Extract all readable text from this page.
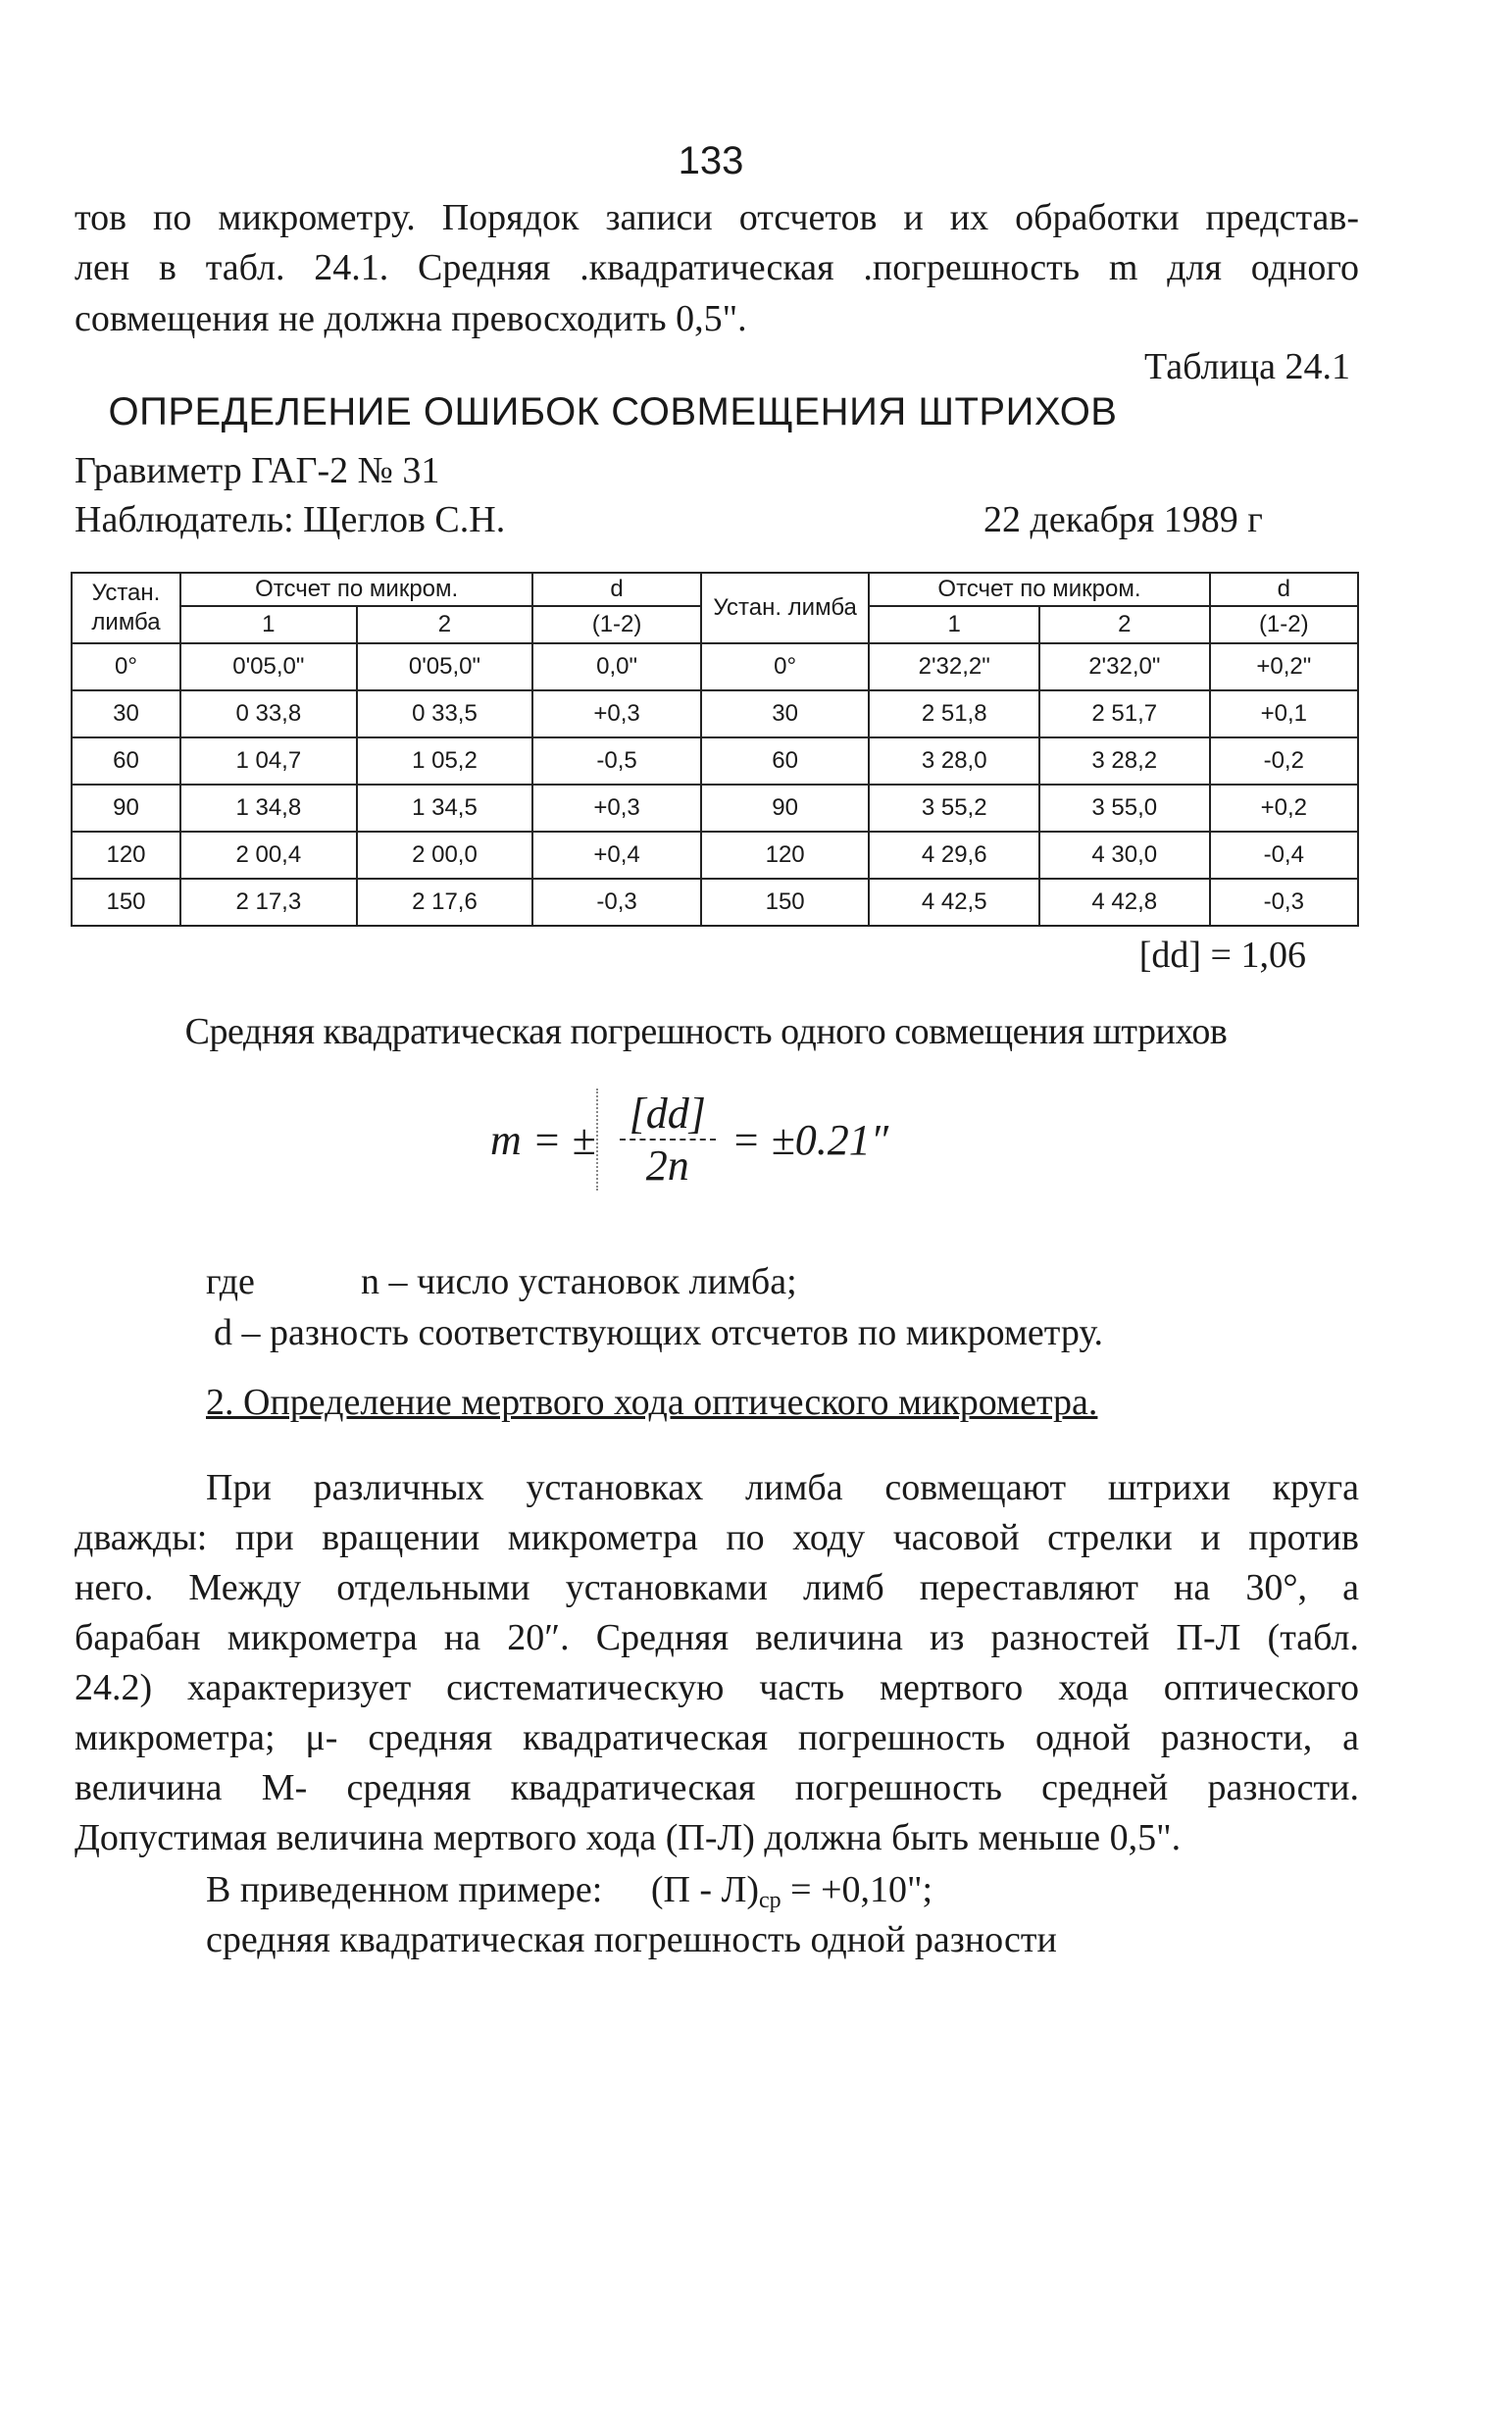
133
тов по микрометру. Порядок записи отсчетов и их обработки представ-
лен в табл. 24.1. Средняя .квадратическая .погрешность m для одного
совмещения не должна превосходить 0,5".
Таблица 24.1
ОПРЕДЕЛЕНИЕ ОШИБОК СОВМЕЩЕНИЯ ШТРИХОВ
Гравиметр ГАГ-2 № 31
Наблюдатель: Щеглов С.Н.	22 декабря 1989 г
Устан. лимба	Отсчет по микром.		d	Устан. лимба	Отсчет по микром.		d
	1	2	(1-2)		1	2	(1-2)
0°	0'05,0"	0'05,0"	0,0"	0°	2'32,2"	2'32,0"	+0,2"
30	0 33,8	0 33,5	+0,3	30	2 51,8	2 51,7	+0,1
60	1 04,7	1 05,2	-0,5	60	3 28,0	3 28,2	-0,2
90	1 34,8	1 34,5	+0,3	90	3 55,2	3 55,0	+0,2
120	2 00,4	2 00,0	+0,4	120	4 29,6	4 30,0	-0,4
150	2 17,3	2 17,6	-0,3	150	4 42,5	4 42,8	-0,3
[dd] = 1,06
Средняя квадратическая погрешность одного совмещения штрихов
m = ± $\frac{[dd]}{2n} = \pm 0.21''$
где	n – число установок лимба;
d – разность соответствующих отсчетов по микрометру.
2. Определение мертвого хода оптического микрометра.
При различных установках лимба совмещают штрихи круга
дважды: при вращении микрометра по ходу часовой стрелки и против
него. Между отдельными установками лимб переставляют на 30°, а
барабан микрометра на 20″. Средняя величина из разностей П-Л (табл.
24.2) характеризует систематическую часть мертвого хода оптического
микрометра; μ- средняя квадратическая погрешность одной разности, а
величина М- средняя квадратическая погрешность средней разности.
Допустимая величина мертвого хода (П-Л) должна быть меньше 0,5".
В приведенном примере: $(П - Л)_{ср} = +0,10$";
средняя квадратическая погрешность одной разности
